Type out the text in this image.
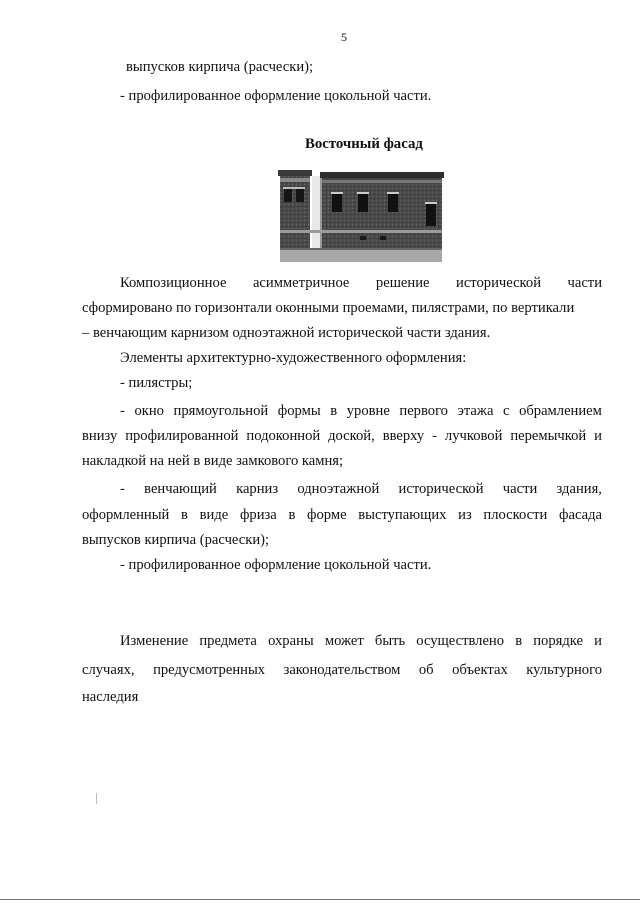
5
выпусков кирпича (расчески);
- профилированное оформление цокольной части.
Восточный фасад
Композиционное асимметричное решение исторической части
сформировано по горизонтали оконными проемами, пилястрами, по вертикали
– венчающим карнизом одноэтажной исторической части здания.
Элементы архитектурно-художественного оформления:
- пилястры;
- окно прямоугольной формы в уровне первого этажа с обрамлением
внизу профилированной подоконной доской, вверху - лучковой перемычкой и
накладкой на ней в виде замкового камня;
- венчающий карниз одноэтажной исторической части здания,
оформленный в виде фриза в форме выступающих из плоскости фасада
выпусков кирпича (расчески);
- профилированное оформление цокольной части.
Изменение предмета охраны может быть осуществлено в порядке и
случаях, предусмотренных законодательством об объектах культурного
наследия
